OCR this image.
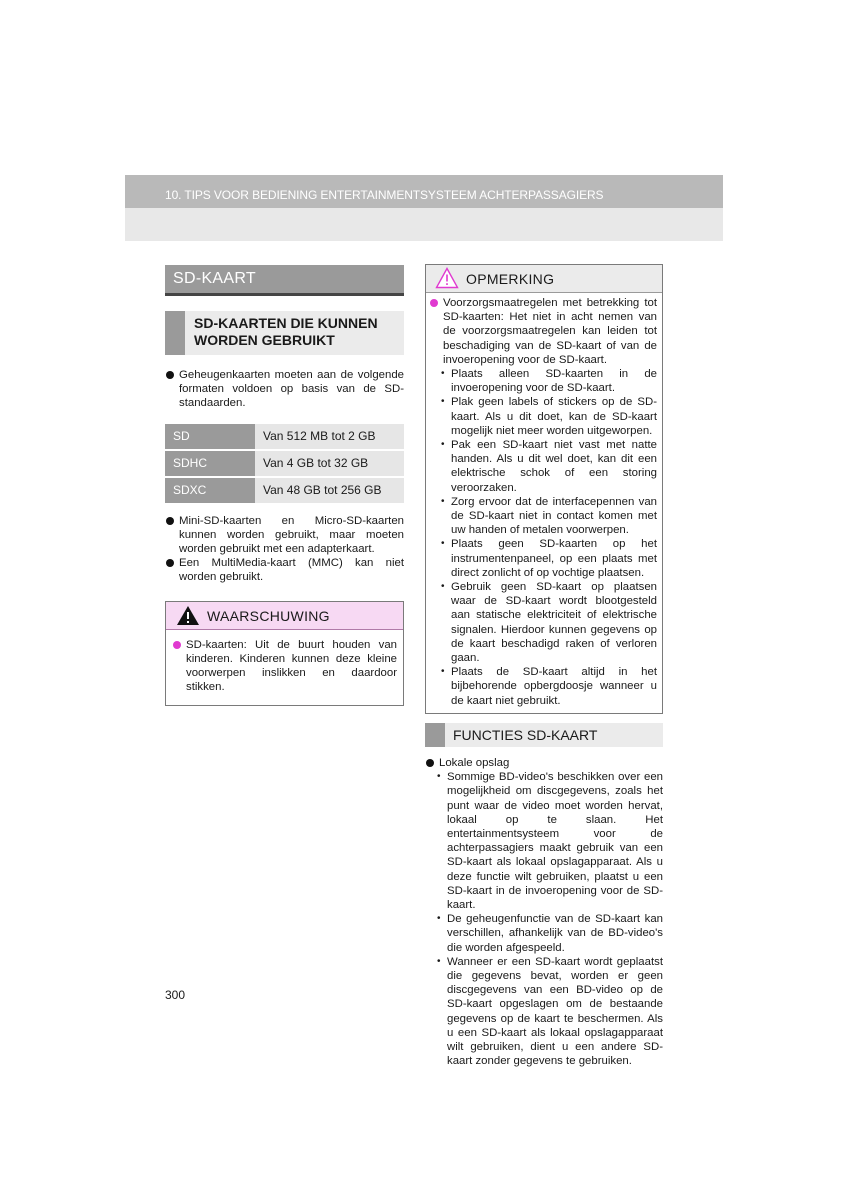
10. TIPS VOOR BEDIENING ENTERTAINMENTSYSTEEM ACHTERPASSAGIERS
SD-KAART
SD-KAARTEN DIE KUNNEN WORDEN GEBRUIKT
Geheugenkaarten moeten aan de volgende formaten voldoen op basis van de SD-standaarden.
SD	Van 512 MB tot 2 GB
SDHC	Van 4 GB tot 32 GB
SDXC	Van 48 GB tot 256 GB
Mini-SD-kaarten en Micro-SD-kaarten kunnen worden gebruikt, maar moeten worden gebruikt met een adapterkaart.
Een MultiMedia-kaart (MMC) kan niet worden gebruikt.
WAARSCHUWING
SD-kaarten: Uit de buurt houden van kinderen. Kinderen kunnen deze kleine voorwerpen inslikken en daardoor stikken.
OPMERKING
Voorzorgsmaatregelen met betrekking tot SD-kaarten: Het niet in acht nemen van de voorzorgsmaatregelen kan leiden tot beschadiging van de SD-kaart of van de invoeropening voor de SD-kaart.
• Plaats alleen SD-kaarten in de invoeropening voor de SD-kaart.
• Plak geen labels of stickers op de SD-kaart. Als u dit doet, kan de SD-kaart mogelijk niet meer worden uitgeworpen.
• Pak een SD-kaart niet vast met natte handen. Als u dit wel doet, kan dit een elektrische schok of een storing veroorzaken.
• Zorg ervoor dat de interfacepennen van de SD-kaart niet in contact komen met uw handen of metalen voorwerpen.
• Plaats geen SD-kaarten op het instrumentenpaneel, op een plaats met direct zonlicht of op vochtige plaatsen.
• Gebruik geen SD-kaart op plaatsen waar de SD-kaart wordt blootgesteld aan statische elektriciteit of elektrische signalen. Hierdoor kunnen gegevens op de kaart beschadigd raken of verloren gaan.
• Plaats de SD-kaart altijd in het bijbehorende opbergdoosje wanneer u de kaart niet gebruikt.
FUNCTIES SD-KAART
Lokale opslag
• Sommige BD-video's beschikken over een mogelijkheid om discgegevens, zoals het punt waar de video moet worden hervat, lokaal op te slaan. Het entertainmentsysteem voor de achterpassagiers maakt gebruik van een SD-kaart als lokaal opslagapparaat. Als u deze functie wilt gebruiken, plaatst u een SD-kaart in de invoeropening voor de SD-kaart.
• De geheugenfunctie van de SD-kaart kan verschillen, afhankelijk van de BD-video's die worden afgespeeld.
• Wanneer er een SD-kaart wordt geplaatst die gegevens bevat, worden er geen discgegevens van een BD-video op de SD-kaart opgeslagen om de bestaande gegevens op de kaart te beschermen. Als u een SD-kaart als lokaal opslagapparaat wilt gebruiken, dient u een andere SD-kaart zonder gegevens te gebruiken.
300
